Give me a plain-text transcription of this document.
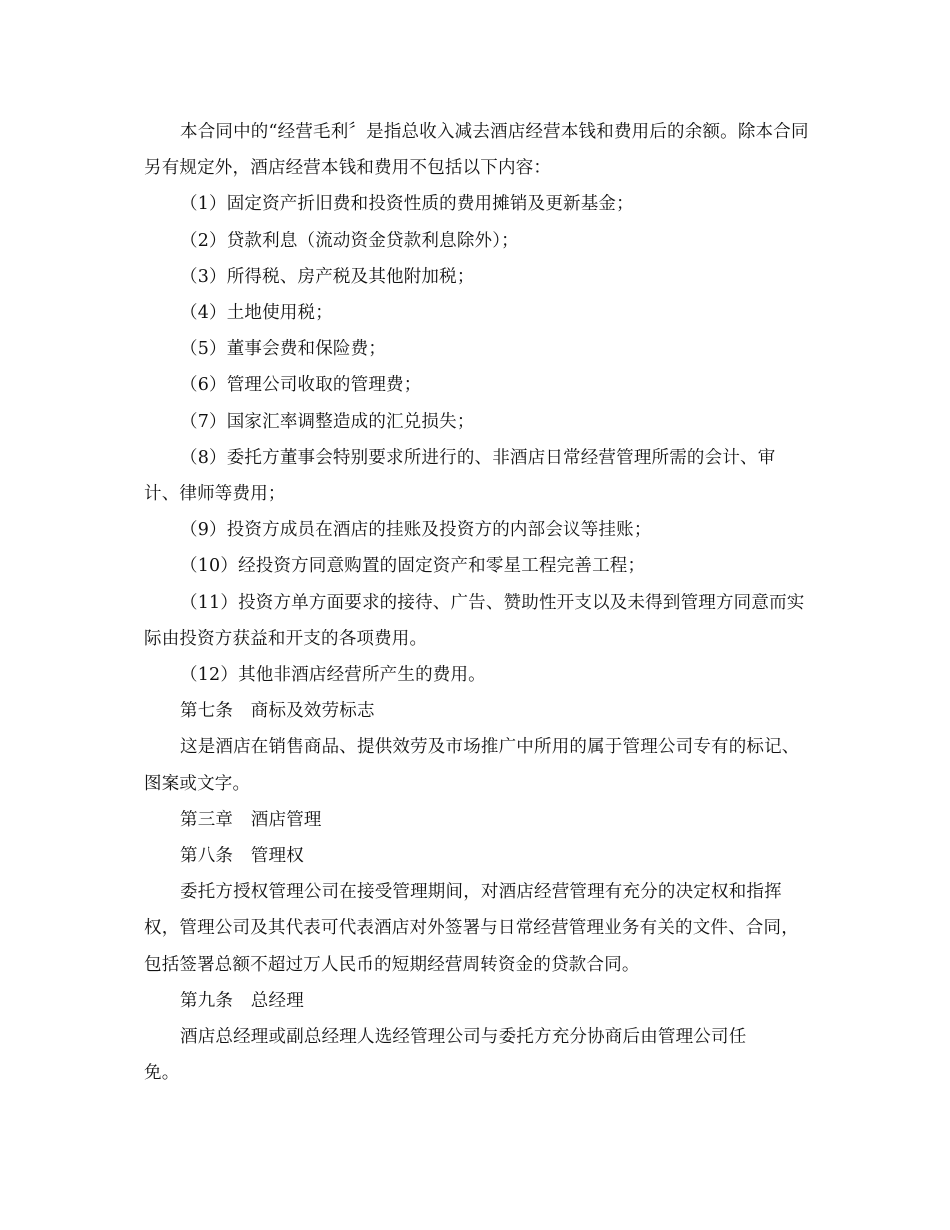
本合同中的“经营毛利〞是指总收入减去酒店经营本钱和费用后的余额。除本合同另有规定外，酒店经营本钱和费用不包括以下内容：

（1）固定资产折旧费和投资性质的费用摊销及更新基金；

（2）贷款利息（流动资金贷款利息除外）；

（3）所得税、房产税及其他附加税；

（4）土地使用税；

（5）董事会费和保险费；

（6）管理公司收取的管理费；

（7）国家汇率调整造成的汇兑损失；

（8）委托方董事会特别要求所进行的、非酒店日常经营管理所需的会计、审计、律师等费用；

（9）投资方成员在酒店的挂账及投资方的内部会议等挂账；

（10）经投资方同意购置的固定资产和零星工程完善工程；

（11）投资方单方面要求的接待、广告、赞助性开支以及未得到管理方同意而实际由投资方获益和开支的各项费用。

（12）其他非酒店经营所产生的费用。

第七条　商标及效劳标志

这是酒店在销售商品、提供效劳及市场推广中所用的属于管理公司专有的标记、图案或文字。

第三章　酒店管理

第八条　管理权

委托方授权管理公司在接受管理期间，对酒店经营管理有充分的决定权和指挥权，管理公司及其代表可代表酒店对外签署与日常经营管理业务有关的文件、合同，包括签署总额不超过万人民币的短期经营周转资金的贷款合同。

第九条　总经理

酒店总经理或副总经理人选经管理公司与委托方充分协商后由管理公司任免。
